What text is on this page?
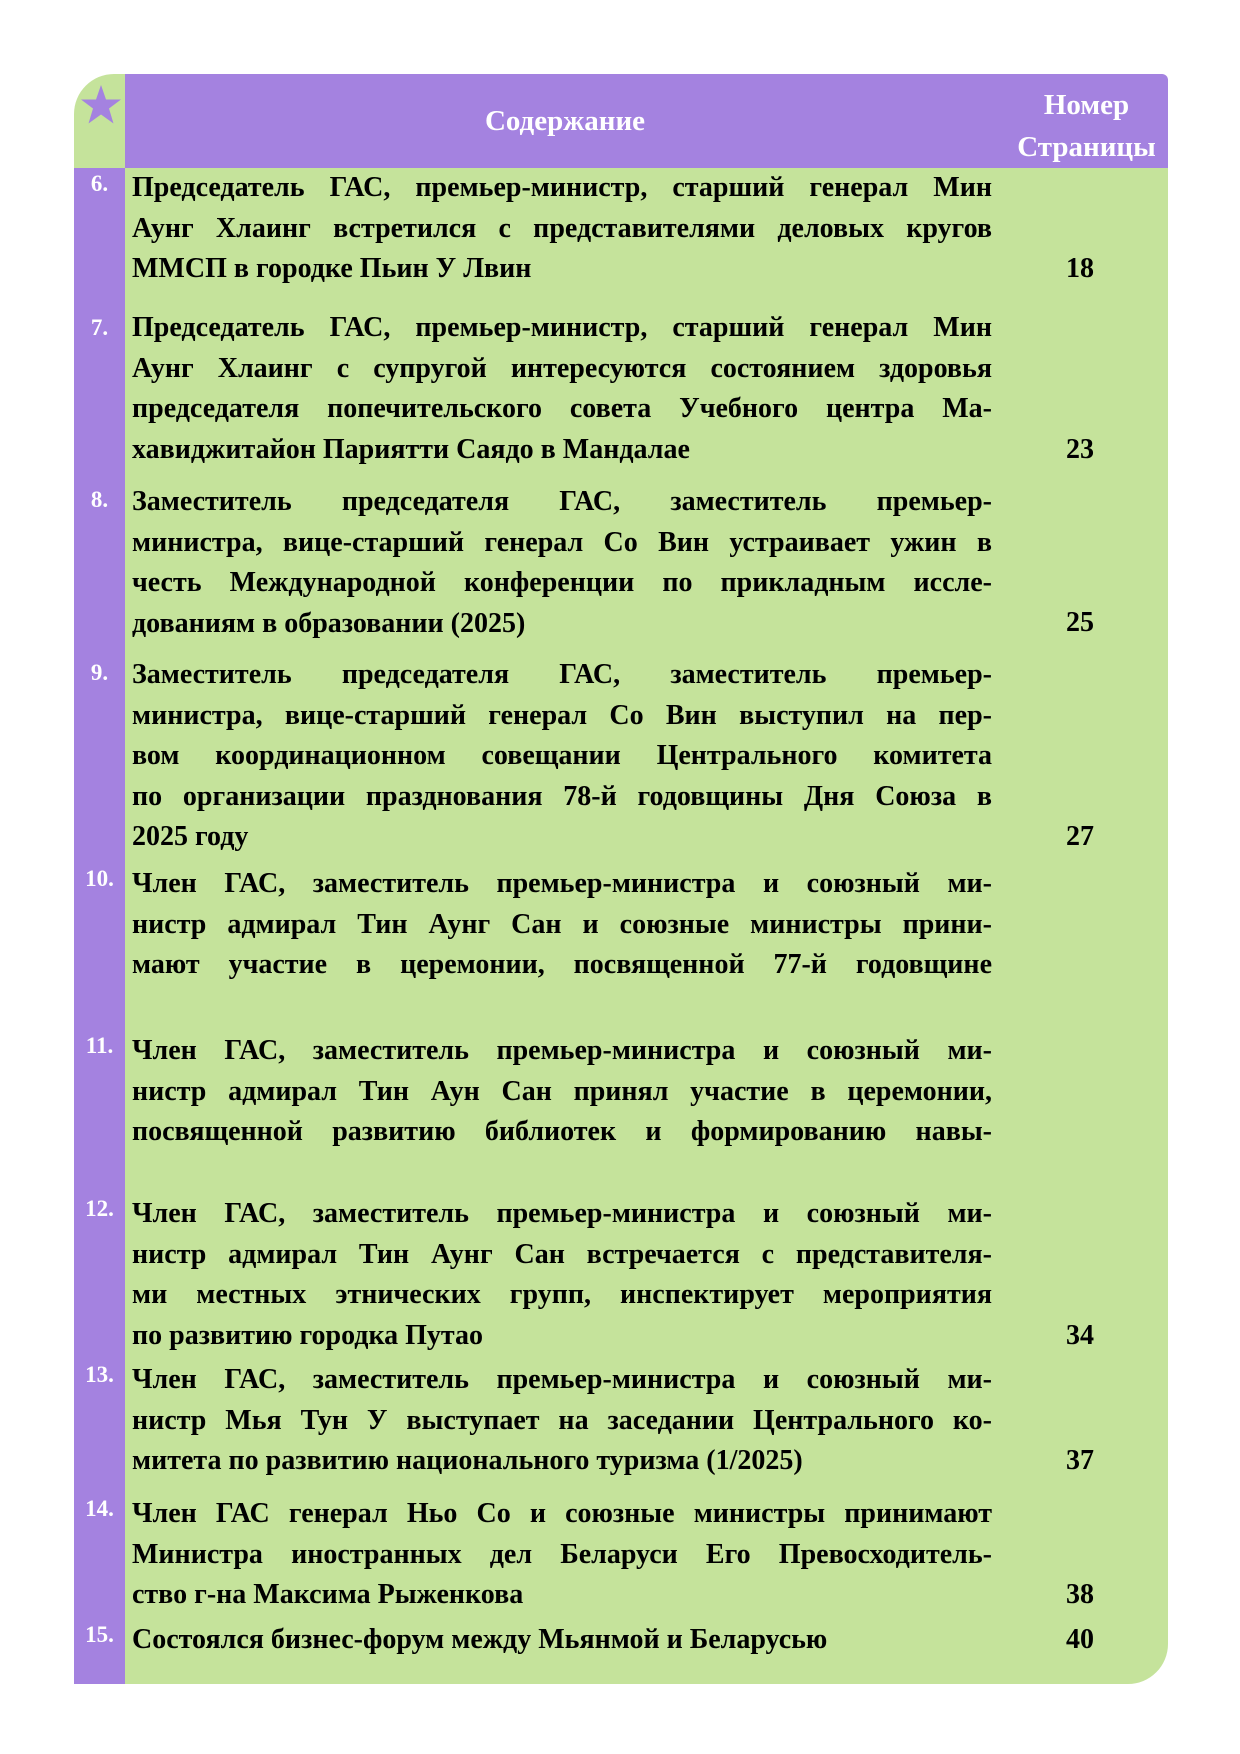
Содержание	Номер
Страницы
6. Председатель ГАС, премьер-министр, старший генерал Мин
Аунг Хлаинг встретился с представителями деловых кругов
ММСП в городке Пьин У Лвин	18
7. Председатель ГАС, премьер-министр, старший генерал Мин
Аунг Хлаинг с супругой интересуются состоянием здоровья
председателя попечительского совета Учебного центра Ма-
хавиджитайон Париятти Саядо в Мандалае	23
8. Заместитель председателя ГАС, заместитель премьер-
министра, вице-старший генерал Со Вин устраивает ужин в
честь Международной конференции по прикладным иссле-
дованиям в образовании (2025)	25
9. Заместитель председателя ГАС, заместитель премьер-
министра, вице-старший генерал Со Вин выступил на пер-
вом координационном совещании Центрального комитета
по организации празднования 78-й годовщины Дня Союза в
2025 году	27
10. Член ГАС, заместитель премьер-министра и союзный ми-
нистр адмирал Тин Аунг Сан и союзные министры прини-
мают участие в церемонии, посвященной 77-й годовщине
11. Член ГАС, заместитель премьер-министра и союзный ми-
нистр адмирал Тин Аун Сан принял участие в церемонии,
посвященной развитию библиотек и формированию навы-
12. Член ГАС, заместитель премьер-министра и союзный ми-
нистр адмирал Тин Аунг Сан встречается с представителя-
ми местных этнических групп, инспектирует мероприятия
по развитию городка Путао	34
13. Член ГАС, заместитель премьер-министра и союзный ми-
нистр Мья Тун У выступает на заседании Центрального ко-
митета по развитию национального туризма (1/2025)	37
14. Член ГАС генерал Ньо Со и союзные министры принимают
Министра иностранных дел Беларуси Его Превосходитель-
ство г-на Максима Рыженкова	38
15. Состоялся бизнес-форум между Мьянмой и Беларусью	40
